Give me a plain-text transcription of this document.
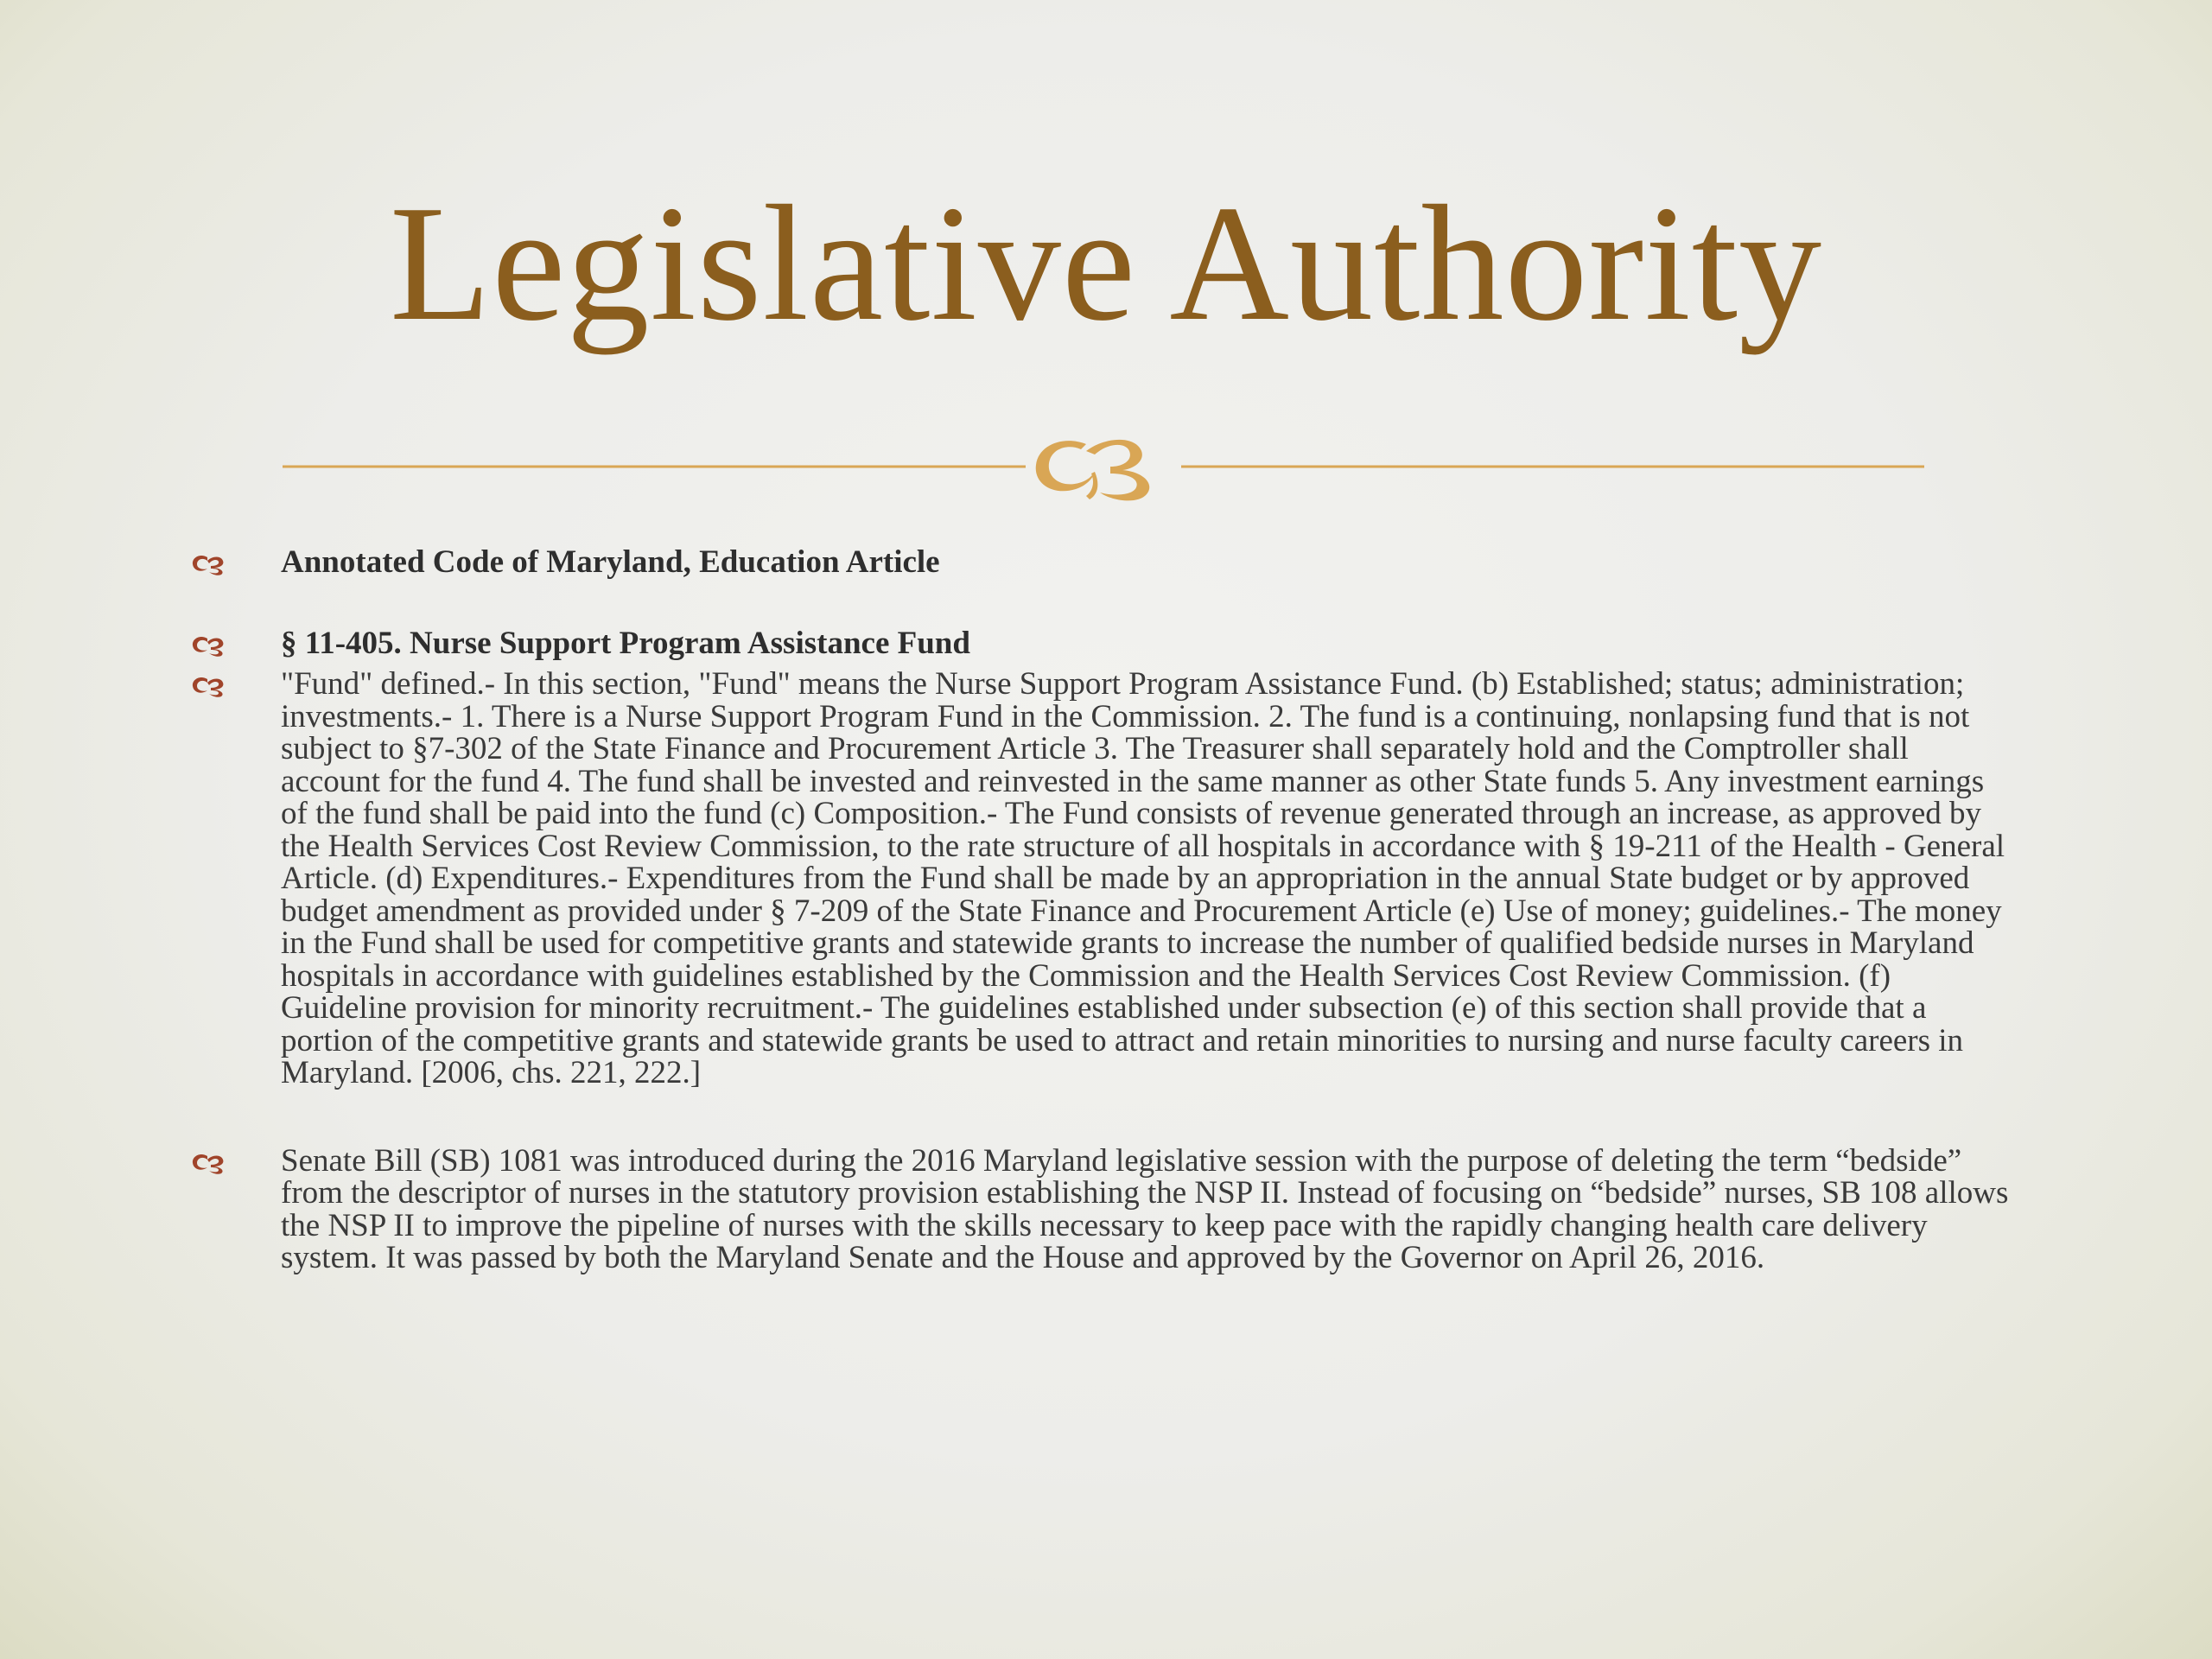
Legislative Authority
Annotated Code of Maryland, Education Article
§ 11-405. Nurse Support Program Assistance Fund
"Fund" defined.- In this section, "Fund" means the Nurse Support Program Assistance Fund. (b) Established; status; administration; investments.- 1. There is a Nurse Support Program Fund in the Commission. 2. The fund is a continuing, nonlapsing fund that is not subject to §7-302 of the State Finance and Procurement Article 3. The Treasurer shall separately hold and the Comptroller shall account for the fund 4. The fund shall be invested and reinvested in the same manner as other State funds 5. Any investment earnings of the fund shall be paid into the fund (c) Composition.- The Fund consists of revenue generated through an increase, as approved by the Health Services Cost Review Commission, to the rate structure of all hospitals in accordance with § 19-211 of the Health - General Article. (d) Expenditures.- Expenditures from the Fund shall be made by an appropriation in the annual State budget or by approved budget amendment as provided under § 7-209 of the State Finance and Procurement Article (e) Use of money; guidelines.- The money in the Fund shall be used for competitive grants and statewide grants to increase the number of qualified bedside nurses in Maryland hospitals in accordance with guidelines established by the Commission and the Health Services Cost Review Commission. (f) Guideline provision for minority recruitment.- The guidelines established under subsection (e) of this section shall provide that a portion of the competitive grants and statewide grants be used to attract and retain minorities to nursing and nurse faculty careers in Maryland. [2006, chs. 221, 222.]
Senate Bill (SB) 1081 was introduced during the 2016 Maryland legislative session with the purpose of deleting the term “bedside” from the descriptor of nurses in the statutory provision establishing the NSP II. Instead of focusing on “bedside” nurses, SB 108 allows the NSP II to improve the pipeline of nurses with the skills necessary to keep pace with the rapidly changing health care delivery system. It was passed by both the Maryland Senate and the House and approved by the Governor on April 26, 2016.
